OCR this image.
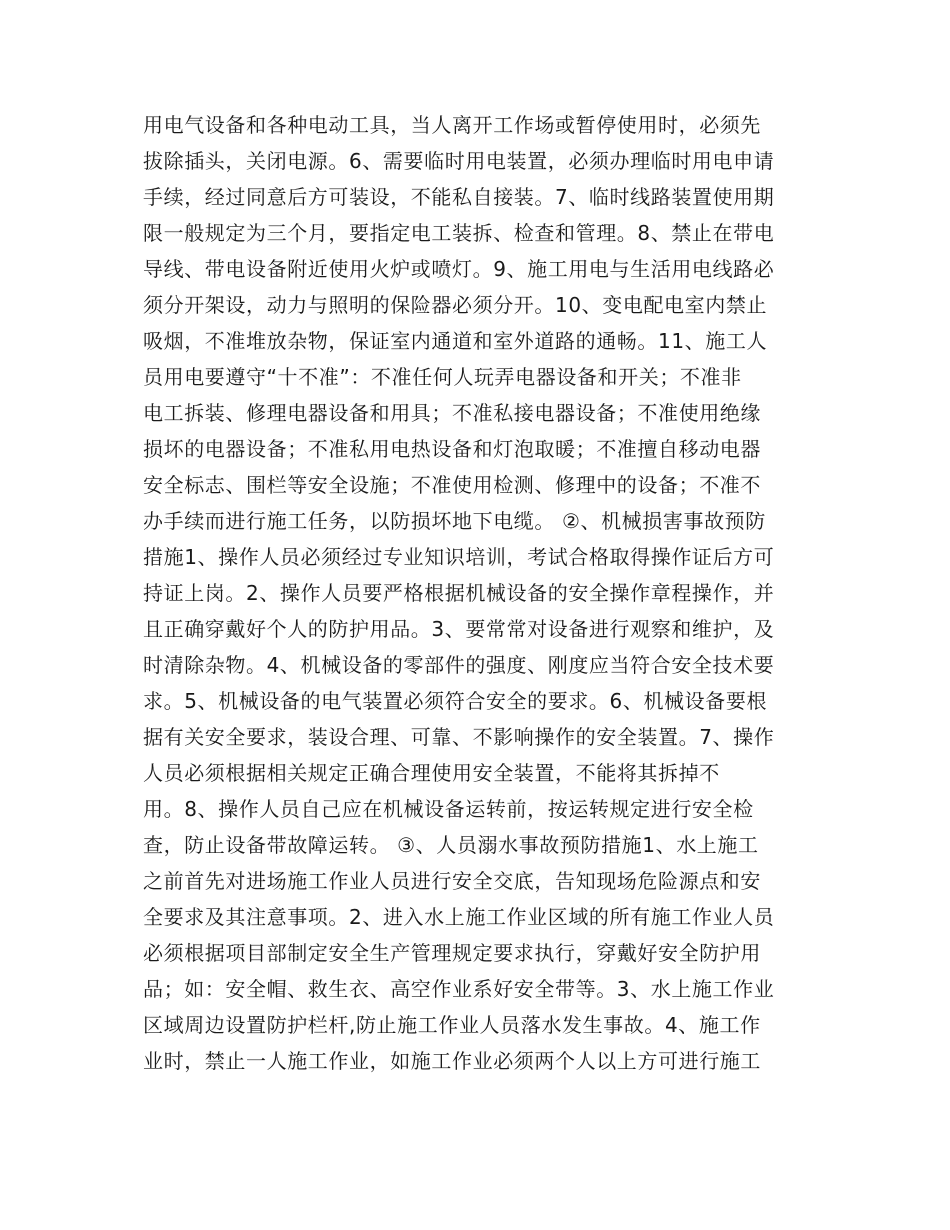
用电气设备和各种电动工具，当人离开工作场或暂停使用时，必须先
拔除插头，关闭电源。6、需要临时用电装置，必须办理临时用电申请
手续，经过同意后方可装设，不能私自接装。7、临时线路装置使用期
限一般规定为三个月，要指定电工装拆、检查和管理。8、禁止在带电
导线、带电设备附近使用火炉或喷灯。9、施工用电与生活用电线路必
须分开架设，动力与照明的保险器必须分开。10、变电配电室内禁止
吸烟，不准堆放杂物，保证室内通道和室外道路的通畅。11、施工人
员用电要遵守“十不准”：不准任何人玩弄电器设备和开关；不准非
电工拆装、修理电器设备和用具；不准私接电器设备；不准使用绝缘
损坏的电器设备；不准私用电热设备和灯泡取暖；不准擅自移动电器
安全标志、围栏等安全设施；不准使用检测、修理中的设备；不准不
办手续而进行施工任务，以防损坏地下电缆。 ②、机械损害事故预防
措施1、操作人员必须经过专业知识培训，考试合格取得操作证后方可
持证上岗。2、操作人员要严格根据机械设备的安全操作章程操作，并
且正确穿戴好个人的防护用品。3、要常常对设备进行观察和维护，及
时清除杂物。4、机械设备的零部件的强度、刚度应当符合安全技术要
求。5、机械设备的电气装置必须符合安全的要求。6、机械设备要根
据有关安全要求，装设合理、可靠、不影响操作的安全装置。7、操作
人员必须根据相关规定正确合理使用安全装置，不能将其拆掉不
用。8、操作人员自己应在机械设备运转前，按运转规定进行安全检
查，防止设备带故障运转。 ③、人员溺水事故预防措施1、水上施工
之前首先对进场施工作业人员进行安全交底，告知现场危险源点和安
全要求及其注意事项。2、进入水上施工作业区域的所有施工作业人员
必须根据项目部制定安全生产管理规定要求执行，穿戴好安全防护用
品；如：安全帽、救生衣、高空作业系好安全带等。3、水上施工作业
区域周边设置防护栏杆,防止施工作业人员落水发生事故。4、施工作
业时，禁止一人施工作业，如施工作业必须两个人以上方可进行施工
